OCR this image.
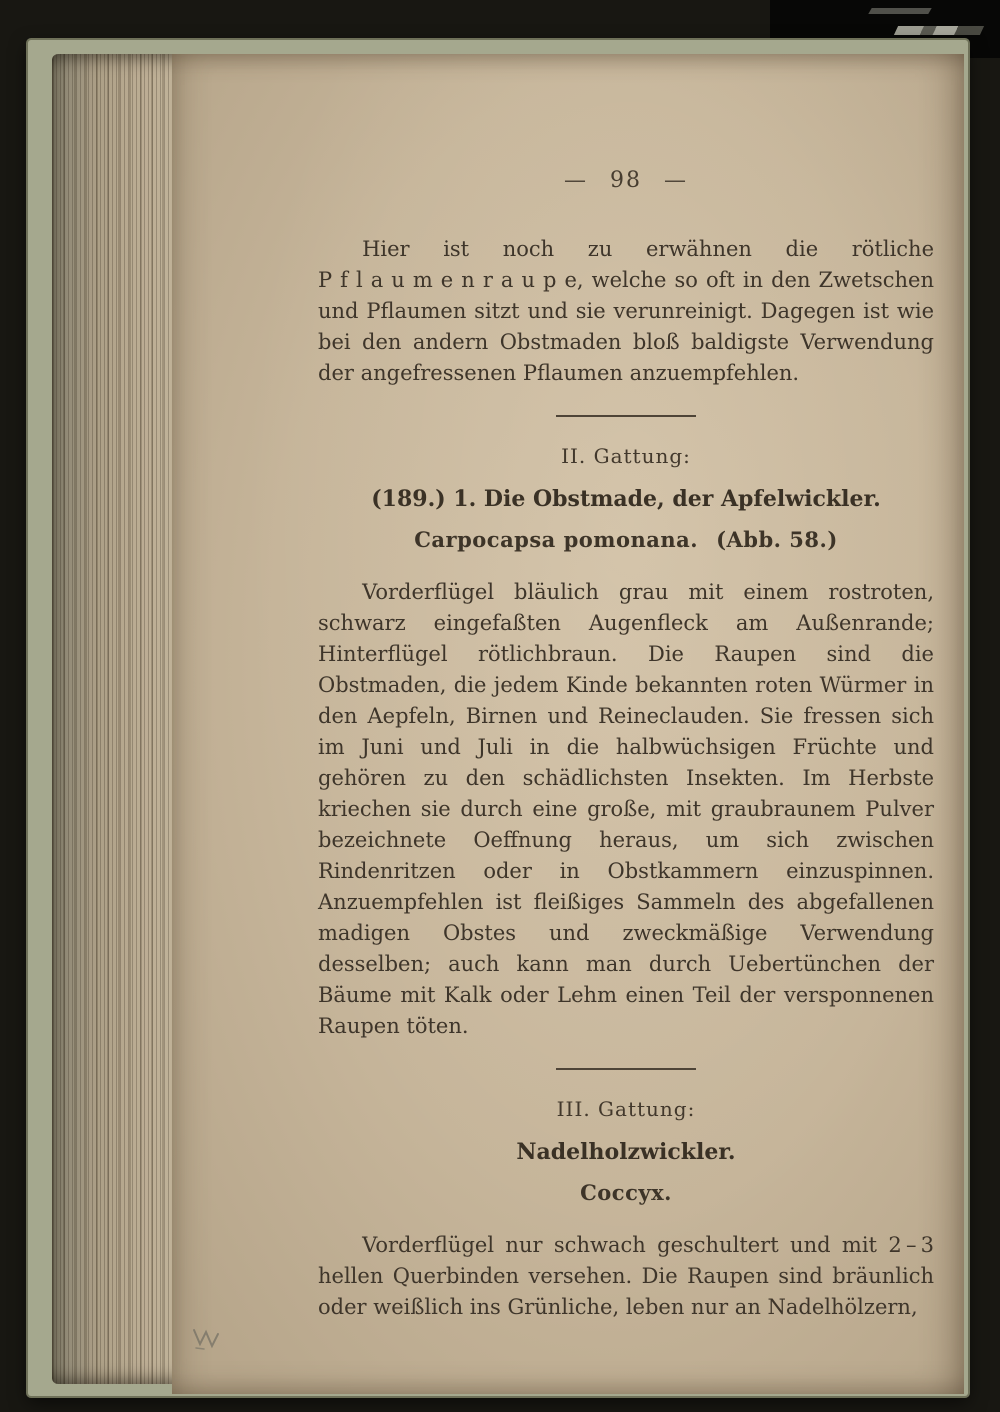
— 98 —

Hier ist noch zu erwähnen die rötliche P f l a u m e n r a u p e, welche so oft in den Zwetschen und Pflaumen sitzt und sie verunreinigt. Dagegen ist wie bei den andern Obstmaden bloß baldigste Verwendung der angefressenen Pflaumen anzuempfehlen.

II. Gattung:
(189.) 1. Die Obstmade, der Apfelwickler.
Carpocapsa pomonana. (Abb. 58.)

Vorderflügel bläulich grau mit einem rostroten, schwarz eingefaßten Augenfleck am Außenrande; Hinterflügel rötlichbraun. Die Raupen sind die Obstmaden, die jedem Kinde bekannten roten Würmer in den Aepfeln, Birnen und Reineclauden. Sie fressen sich im Juni und Juli in die halbwüchsigen Früchte und gehören zu den schädlichsten Insekten. Im Herbste kriechen sie durch eine große, mit graubraunem Pulver bezeichnete Oeffnung heraus, um sich zwischen Rindenritzen oder in Obstkammern einzuspinnen. Anzuempfehlen ist fleißiges Sammeln des abgefallenen madigen Obstes und zweckmäßige Verwendung desselben; auch kann man durch Uebertünchen der Bäume mit Kalk oder Lehm einen Teil der versponnenen Raupen töten.

III. Gattung:
Nadelholzwickler.
Coccyx.

Vorderflügel nur schwach geschultert und mit 2 – 3 hellen Querbinden versehen. Die Raupen sind bräunlich oder weißlich ins Grünliche, leben nur an Nadelhölzern,
